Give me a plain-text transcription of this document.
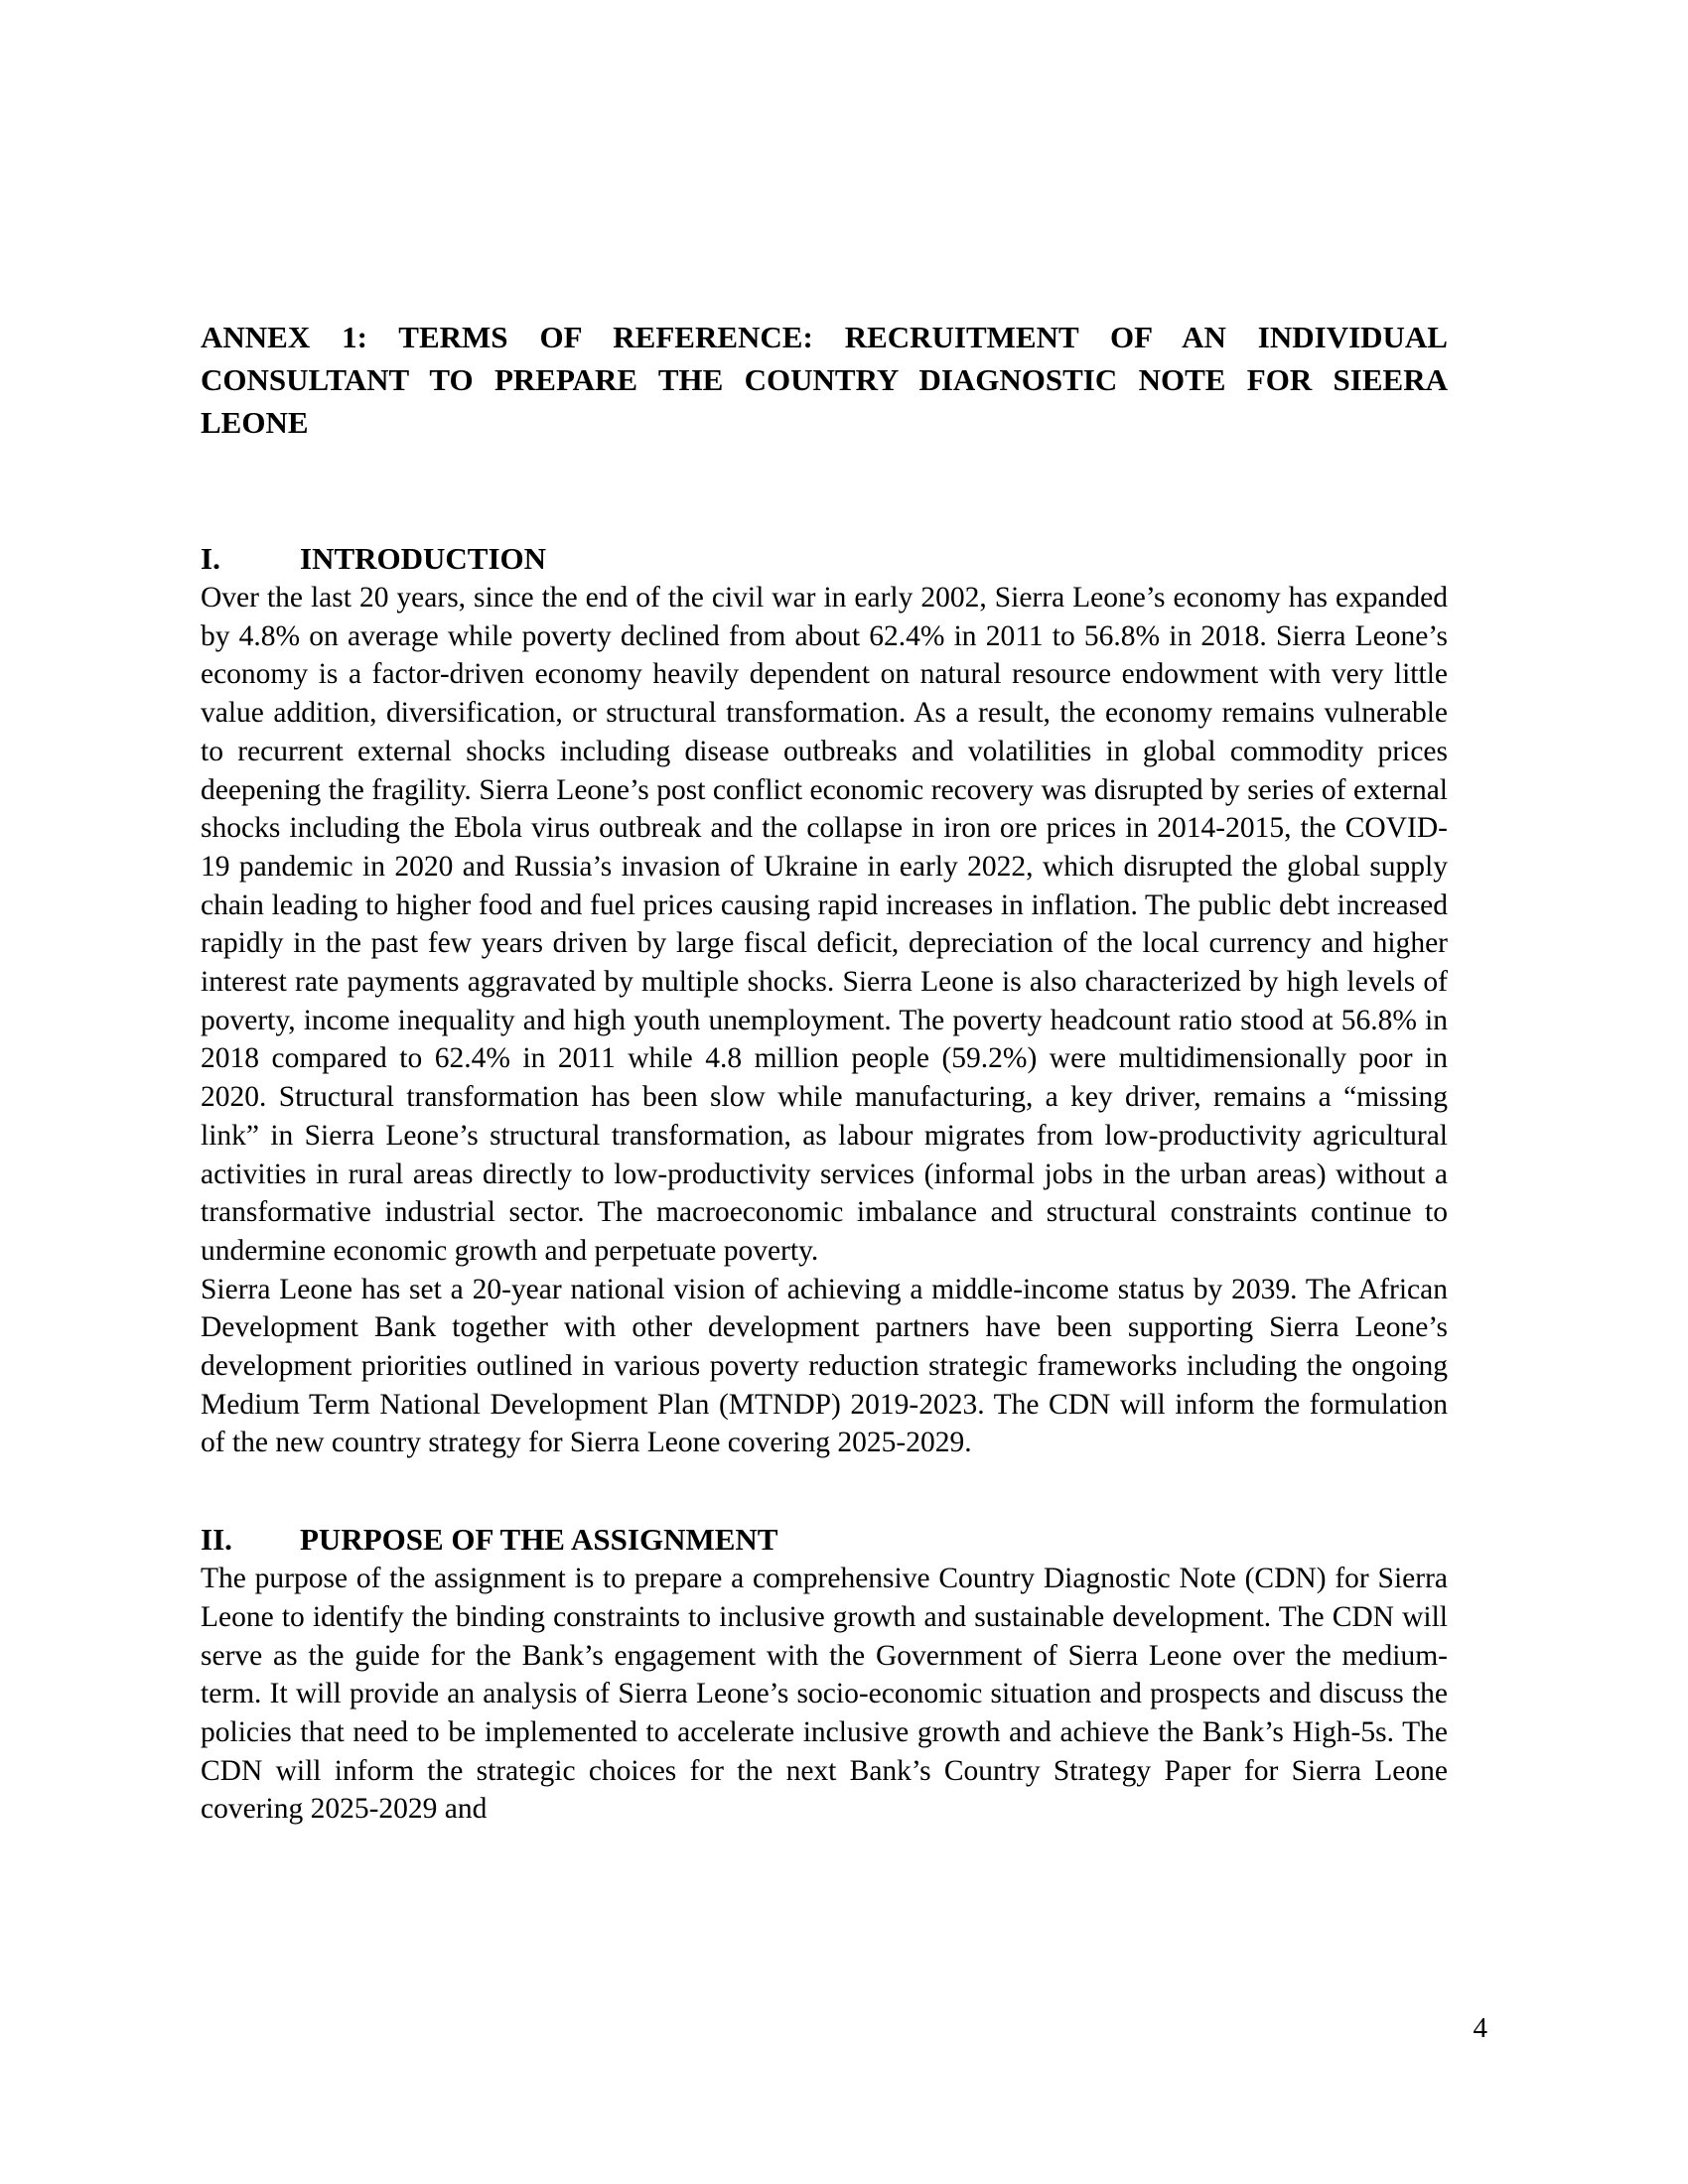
ANNEX 1: TERMS OF REFERENCE: RECRUITMENT OF AN INDIVIDUAL CONSULTANT TO PREPARE THE COUNTRY DIAGNOSTIC NOTE FOR SIEERA LEONE
I.	INTRODUCTION

Over the last 20 years, since the end of the civil war in early 2002, Sierra Leone’s economy has expanded by 4.8% on average while poverty declined from about 62.4% in 2011 to 56.8% in 2018. Sierra Leone’s economy is a factor-driven economy heavily dependent on natural resource endowment with very little value addition, diversification, or structural transformation. As a result, the economy remains vulnerable to recurrent external shocks including disease outbreaks and volatilities in global commodity prices deepening the fragility. Sierra Leone’s post conflict economic recovery was disrupted by series of external shocks including the Ebola virus outbreak and the collapse in iron ore prices in 2014-2015, the COVID-19 pandemic in 2020 and Russia’s invasion of Ukraine in early 2022, which disrupted the global supply chain leading to higher food and fuel prices causing rapid increases in inflation. The public debt increased rapidly in the past few years driven by large fiscal deficit, depreciation of the local currency and higher interest rate payments aggravated by multiple shocks. Sierra Leone is also characterized by high levels of poverty, income inequality and high youth unemployment. The poverty headcount ratio stood at 56.8% in 2018 compared to 62.4% in 2011 while 4.8 million people (59.2%) were multidimensionally poor in 2020. Structural transformation has been slow while manufacturing, a key driver, remains a “missing link” in Sierra Leone’s structural transformation, as labour migrates from low-productivity agricultural activities in rural areas directly to low-productivity services (informal jobs in the urban areas) without a transformative industrial sector. The macroeconomic imbalance and structural constraints continue to undermine economic growth and perpetuate poverty.

Sierra Leone has set a 20-year national vision of achieving a middle-income status by 2039. The African Development Bank together with other development partners have been supporting Sierra Leone’s development priorities outlined in various poverty reduction strategic frameworks including the ongoing Medium Term National Development Plan (MTNDP) 2019-2023. The CDN will inform the formulation of the new country strategy for Sierra Leone covering 2025-2029.

II.	PURPOSE OF THE ASSIGNMENT

The purpose of the assignment is to prepare a comprehensive Country Diagnostic Note (CDN) for Sierra Leone to identify the binding constraints to inclusive growth and sustainable development. The CDN will serve as the guide for the Bank’s engagement with the Government of Sierra Leone over the medium-term. It will provide an analysis of Sierra Leone’s socio-economic situation and prospects and discuss the policies that need to be implemented to accelerate inclusive growth and achieve the Bank’s High-5s. The CDN will inform the strategic choices for the next Bank’s Country Strategy Paper for Sierra Leone covering 2025-2029 and

4
